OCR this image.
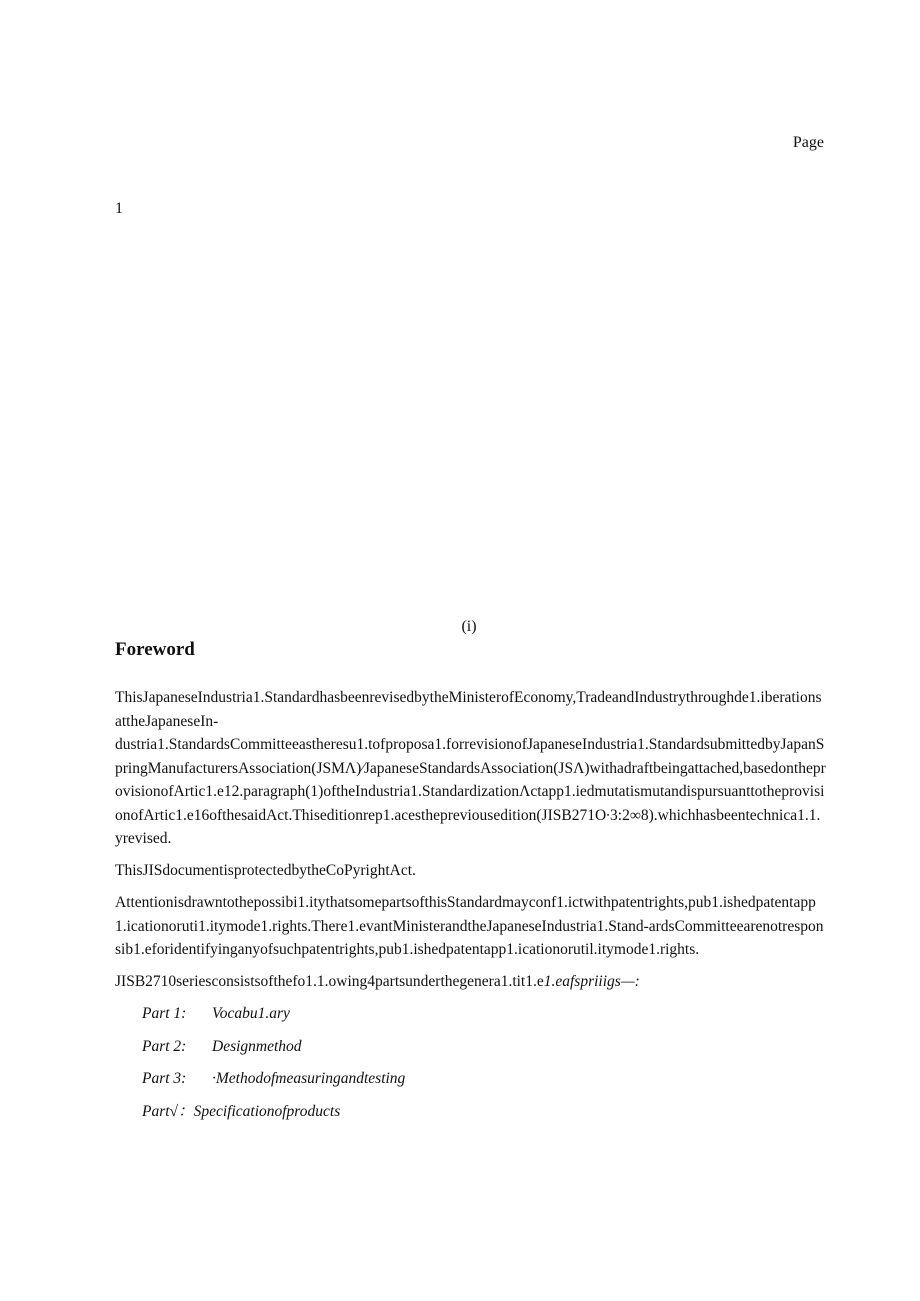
Page
1
(i)
Foreword

ThisJapaneseIndustria1.StandardhasbeenrevisedbytheMinisterofEconomy,TradeandIndustrythroughde1.iberationsattheJapaneseIn-
dustria1.StandardsCommitteeastheresu1.tofproposa1.forrevisionofJapaneseIndustria1.StandardsubmittedbyJapanSpringManufacturersAssociation(JSMΛ)∕JapaneseStandardsAssociation(JSΛ)withadraftbeingattached,basedontheprovisionofArtic1.e12.paragraph(1)oftheIndustria1.StandardizationΛctapp1.iedmutatismutandispursuanttotheprovisionofArtic1.e16ofthesaidAct.Thiseditionrep1.acesthepreviousedition(JISB271O∙3:2∞8).whichhasbeentechnica1.1.yrevised.

ThisJISdocumentisprotectedbytheCoPyrightAct.

Attentionisdrawntothepossibi1.itythatsomepartsofthisStandardmayconf1.ictwithpatentrights,pub1.ishedpatentapp1.icationoruti1.itymode1.rights.There1.evantMinisterandtheJapaneseIndustria1.Stand-ardsCommitteearenotresponsib1.eforidentifyinganyofsuchpatentrights,pub1.ishedpatentapp1.icationorutil.itymode1.rights.

JISB2710seriesconsistsofthefo1.1.owing4partsunderthegenera1.tit1.e1.eafspriiigs—:

Part 1: Vocabu1.ary
Part 2: Designmethod
Part 3: ·Methodofmeasuringandtesting
Part√：Specificationofproducts
